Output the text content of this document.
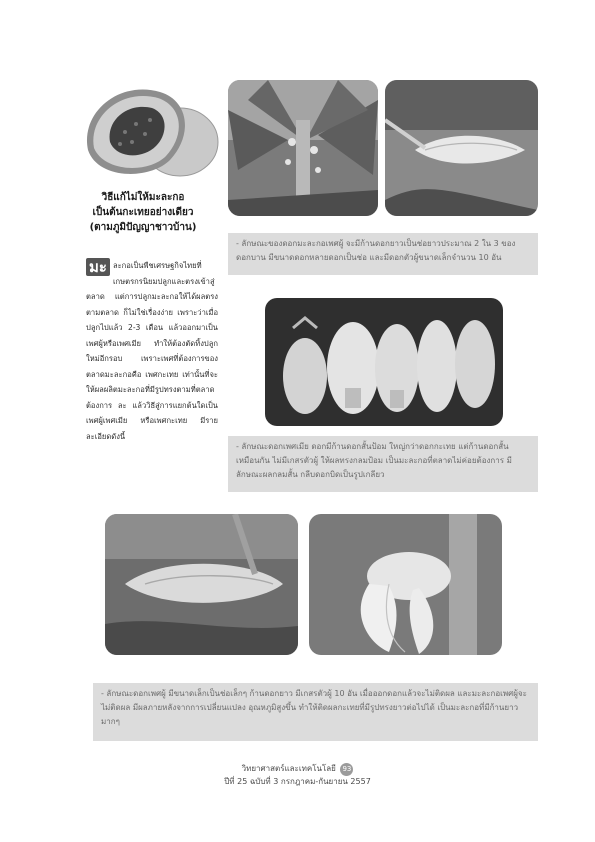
วิธีแก้ไม่ให้มะละกอ
เป็นต้นกะเทยอย่างเดียว
(ตามภูมิปัญญาชาวบ้าน)
มะ ละกอเป็นพืชเศรษฐกิจไทยที่เกษตรกรนิยมปลูกและตรงเข้าสู่ตลาด แต่การปลูกมะละกอให้ได้ผลตรงตามตลาด ก็ไม่ใช่เรื่องง่าย เพราะว่าเมื่อปลูกไปแล้ว 2-3 เดือน แล้วออกมาเป็นเพศผู้หรือเพศเมีย ทำให้ต้องตัดทิ้งปลูกใหม่อีกรอบ เพราะเพศที่ต้องการของตลาดมะละกอคือ เพศกะเทย เท่านั้นที่จะให้ผลผลิตมะละกอที่มีรูปทรงตามที่ตลาดต้องการ ละ แล้ววิธีสู่การแยกต้นใดเป็นเพศผู้เพศเมีย หรือเพศกะเทย มีรายละเอียดดังนี้
- ลักษณะของดอกมะละกอเพศผู้ จะมีก้านดอกยาวเป็นช่อยาวประมาณ 2 ใน 3 ของดอกบาน มีขนาดดอกหลายดอกเป็นช่อ และมีดอกตัวผู้ขนาดเล็กจำนวน 10 อัน
- ลักษณะดอกเพศเมีย ดอกมีก้านดอกสั้นป้อม ใหญ่กว่าดอกกะเทย แต่ก้านดอกสั้นเหมือนกัน ไม่มีเกสรตัวผู้ ให้ผลทรงกลมป้อม เป็นมะละกอที่ตลาดไม่ค่อยต้องการ มีลักษณะผลกลมสั้น กลีบดอกบิดเป็นรูปเกลียว
- ลักษณะดอกเพศผู้ มีขนาดเล็กเป็นช่อเล็กๆ ก้านดอกยาว มีเกสรตัวผู้ 10 อัน เมื่อออกดอกแล้วจะไม่ติดผล และมะละกอเพศผู้จะไม่ติดผล มีผลภายหลังจากการเปลี่ยนแปลง อุณหภูมิสูงขึ้น ทำให้ติดผลกะเทยที่มีรูปทรงยาวต่อไปได้ เป็นมะละกอที่มีก้านยาวมากๆ
วิทยาศาสตร์และเทคโนโลยี 93
ปีที่ 25 ฉบับที่ 3 กรกฎาคม-กันยายน 2557
